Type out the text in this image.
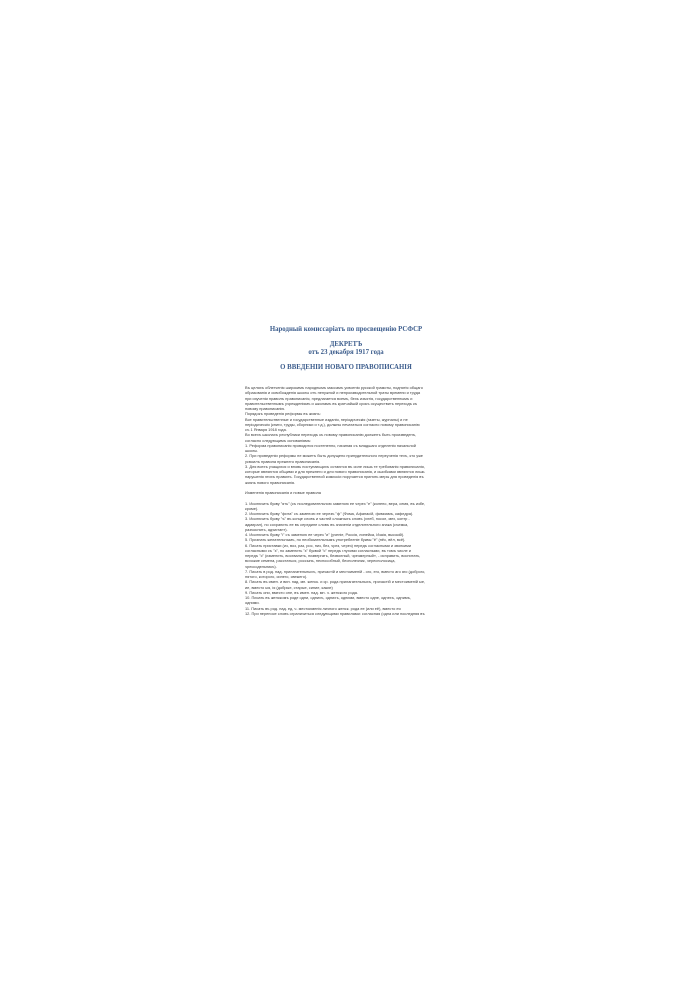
Народный комиссаріатъ по просвещенію РСФСР
ДЕКРЕТЪ
отъ 23 декабря 1917 года
О ВВЕДЕНІИ НОВАГО ПРАВОПИСАНІЯ
Въ целяхъ облегченія широкимъ народнымъ массамъ усвоенія русской грамоты, поднятія общаго
образованія и освобожденія школы отъ ненужной и непроизводительной траты времени и труда
при изученіи правилъ правописанія, предлагается всемъ, безъ изъятія, государственнымъ и
правительственнымъ учрежденіямъ и школамъ въ кратчайшій срокъ осуществить переходъ къ
новому правописанію.
Порядокъ проведенія реформы въ жизнь:
Все правительственные и государственные изданія, періодическія (газеты, журналы) и не
періодическія (книги, труды, сборники и т.д.), должны печататься согласно новому правописанію
съ 1 Января 1918 года.
Во всехъ школахъ республики переходъ къ новому правописанію долженъ быть произведенъ,
согласно следующимъ основаніямъ:
1. Реформа правописанія проводится постепенно, начиная съ младшаго отделенія начальной
школы.
2. При проведеніи реформы не можетъ быть допущено принудительного переученія техъ, кто уже
усвоилъ правила прежнего правописанія.
3. Для всехъ учащихся и вновь поступающихъ остаются въ силе лишь те требованія правописанія,
которые являются общими и для прежнего и для нового правописанія, и ошибками являются лишь
нарушенія этихъ правилъ. Государственной комиссіи поручается принять меры для проведенія въ
жизнь нового правописанія.
Измененія правописанія и новые правила
1. Исключить букву "ять" (съ последовательною заменою ее через "е" (колено, вера, семя, въ избе,
кроме).
2. Исключить букву "фита" съ заменою ее черезъ "ф" (Фома, Афанасій, фимиамъ, кафедра).
3. Исключить букву "ъ" въ конце словъ и частей сложныхъ словъ (хлеб, посол, мех, контр -
адмирал), но сохранить ее въ середине словъ въ значеніи отделительного знака (съемка,
разъяснить, адъютант).
4. Исключить букву "і" съ заменою ее через "и" (ученіе, Россія, линейка, Изаія, высокій).
5. Признать желательнымъ, но необязательнымъ употребленіе буквы "ё" (нёс, вёл, всё).
6. Писать приставки (из, воз, раз, рос, низ, без, чрез, через) передъ согласными и звонкими
согласными съ "з", но заменить "з" буквой "с" передъ глухими согласными, въ томъ числе и
передъ "с" (изменить, восхвалить, низвергать, безволный, чрезмерный», - исправить, воспитать,
всхожие семена, расстаться, россыпь, неспособный, бесполезник, чересполосица,
чрессодельникъ).
7. Писать в род. пад. прилагательныхъ, причастій и местоименій - ого, его, вместо аго яго (доброго,
пятого, которого, синего, свежего).
8. Писать въ имен. и вин. пад. мн. женск. и ср. рода прилагательныхъ, причастій и местоименій ые,
ие, вместо ыя, ія (добрые, старые, синие, какие)
9. Писать они, вместо оне, въ имен. пад. мн. ч. женского рода.
10. Писать въ женскомъ роде одни, одниxъ, одниxъ, одними, вместо одне, однехъ, однимъ,
одними.
11. Писать въ род. пад. ед. ч. местоименія личного женск. рода ее (или её), вместо ея
12. При переносе словъ ограничиться следующими правилами: согласная (одна или последняя въ
